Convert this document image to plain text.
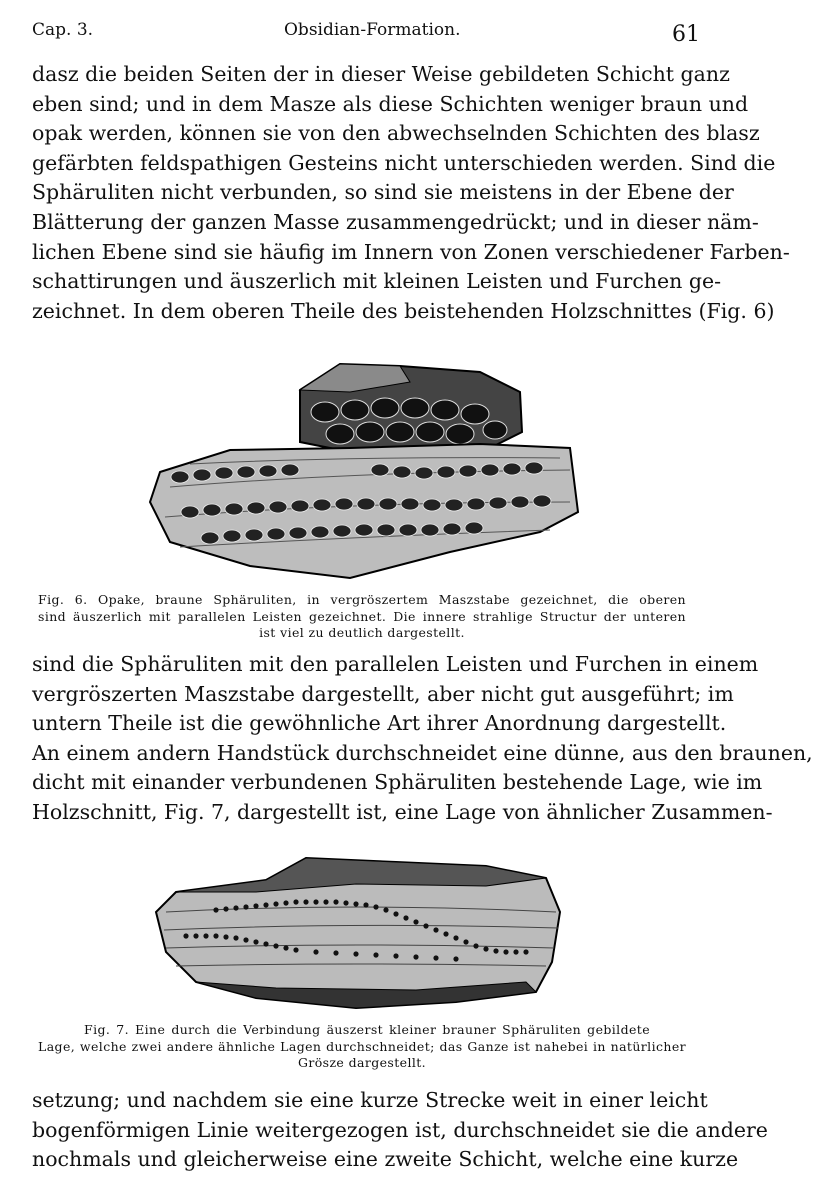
Cap. 3.	Obsidian-Formation.	61
dasz die beiden Seiten der in dieser Weise gebildeten Schicht ganz
eben sind; und in dem Masze als diese Schichten weniger braun und
opak werden, können sie von den abwechselnden Schichten des blasz
gefärbten feldspathigen Gesteins nicht unterschieden werden. Sind die
Sphäruliten nicht verbunden, so sind sie meistens in der Ebene der
Blätterung der ganzen Masse zusammengedrückt; und in dieser näm-
lichen Ebene sind sie häufig im Innern von Zonen verschiedener Farben-
schattirungen und äuszerlich mit kleinen Leisten und Furchen ge-
zeichnet. In dem oberen Theile des beistehenden Holzschnittes (Fig. 6)
Fig. 6. Opake, braune Sphäruliten, in vergröszertem Maszstabe gezeichnet, die oberen
sind äuszerlich mit parallelen Leisten gezeichnet. Die innere strahlige Structur der unteren
ist viel zu deutlich dargestellt.
sind die Sphäruliten mit den parallelen Leisten und Furchen in einem
vergröszerten Maszstabe dargestellt, aber nicht gut ausgeführt; im
untern Theile ist die gewöhnliche Art ihrer Anordnung dargestellt.
An einem andern Handstück durchschneidet eine dünne, aus den braunen,
dicht mit einander verbundenen Sphäruliten bestehende Lage, wie im
Holzschnitt, Fig. 7, dargestellt ist, eine Lage von ähnlicher Zusammen-
Fig. 7. Eine durch die Verbindung äuszerst kleiner brauner Sphäruliten gebildete
Lage, welche zwei andere ähnliche Lagen durchschneidet; das Ganze ist nahebei in natürlicher
Grösze dargestellt.
setzung; und nachdem sie eine kurze Strecke weit in einer leicht
bogenförmigen Linie weitergezogen ist, durchschneidet sie die andere
nochmals und gleicherweise eine zweite Schicht, welche eine kurze
